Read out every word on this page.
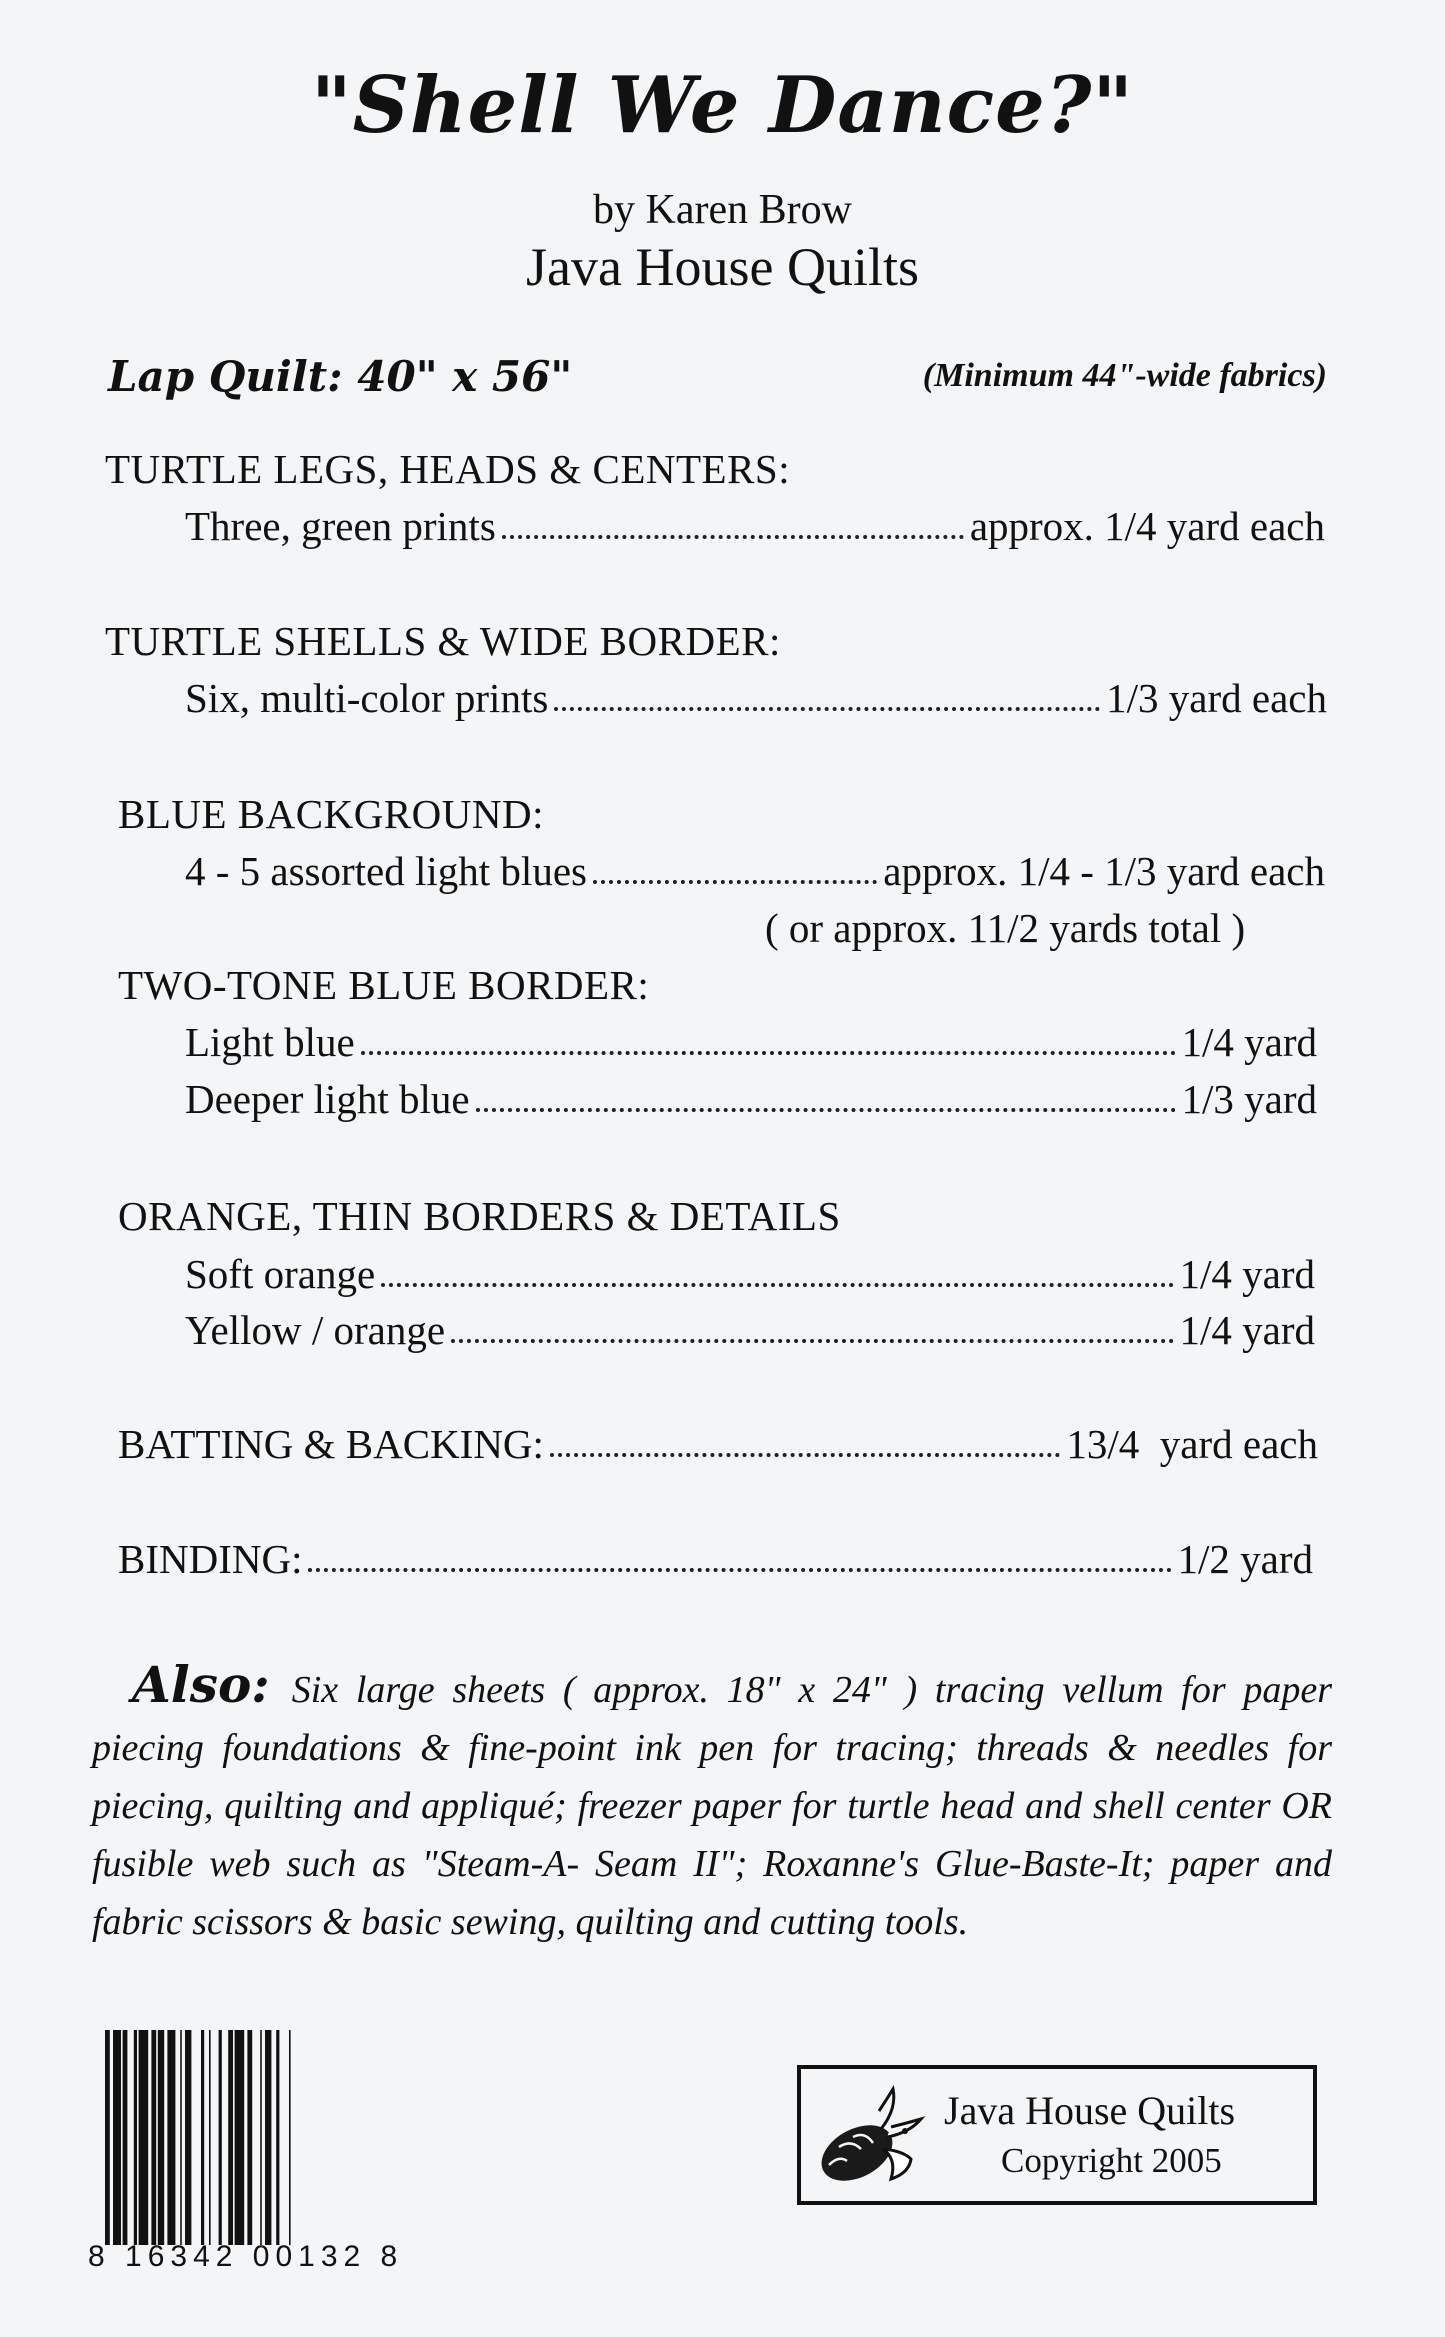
"Shell We Dance?"
by Karen Brow
Java House Quilts
Lap Quilt: 40" x 56"	(Minimum 44"-wide fabrics)
TURTLE LEGS, HEADS & CENTERS:
Three, green prints	approx. 1/4 yard each
TURTLE SHELLS & WIDE BORDER:
Six, multi-color prints	1/3 yard each
BLUE BACKGROUND:
4 - 5 assorted light blues	approx. 1/4 - 1/3 yard each
( or approx. 11/2 yards total )
TWO-TONE BLUE BORDER:
Light blue	1/4 yard
Deeper light blue	1/3 yard
ORANGE, THIN BORDERS & DETAILS
Soft orange	1/4 yard
Yellow / orange	1/4 yard
BATTING & BACKING:	13/4  yard each
BINDING:	1/2 yard
Also: Six large sheets ( approx. 18" x 24" ) tracing vellum for paper piecing foundations & fine-point ink pen for tracing; threads & needles for piecing, quilting and appliqué; freezer paper for turtle head and shell center OR fusible web such as "Steam-A- Seam II"; Roxanne's Glue-Baste-It; paper and fabric scissors & basic sewing, quilting and cutting tools.
8 16342 00132 8
Java House Quilts
Copyright 2005
